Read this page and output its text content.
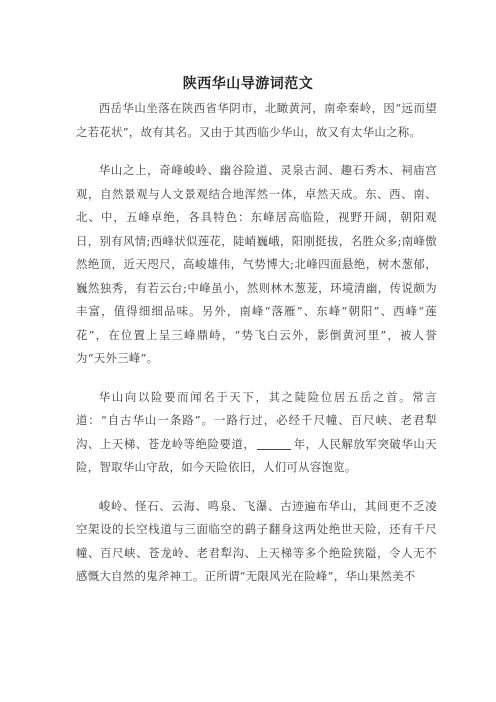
陕西华山导游词范文

西岳华山坐落在陕西省华阴市，北瞰黄河，南牵秦岭，因“远而望之若花状”，故有其名。又由于其西临少华山，故又有太华山之称。

华山之上，奇峰峻岭、幽谷险道、灵泉古洞、趣石秀木、祠庙宫观，自然景观与人文景观结合地浑然一体，卓然天成。东、西、南、北、中，五峰卓绝，各具特色：东峰居高临险，视野开阔，朝阳观日，别有风情;西峰状似莲花，陡峭巍峨，阳刚挺拔，名胜众多;南峰傲然绝顶，近天咫尺，高峻雄伟，气势博大;北峰四面悬绝，树木葱郁，巍然独秀，有若云台;中峰虽小，然则林木葱茏，环境清幽，传说颇为丰富，值得细细品味。另外，南峰“落雁”、东峰“朝阳”、西峰“莲花”，在位置上呈三峰鼎峙，“势飞白云外，影倒黄河里”，被人誉为“天外三峰”。

华山向以险要而闻名于天下，其之陡险位居五岳之首。常言道：“自古华山一条路”。一路行过，必经千尺幢、百尺峡、老君犁沟、上天梯、苍龙岭等绝险要道，	年，人民解放军突破华山天险，智取华山守敌，如今天险依旧，人们可从容饱览。

峻岭、怪石、云海、鸣泉、飞瀑、古迹遍布华山，其间更不乏凌空架设的长空栈道与三面临空的鹞子翻身这两处绝世天险，还有千尺幢、百尺峡、苍龙岭、老君犁沟、上天梯等多个绝险狭隘，令人无不感慨大自然的鬼斧神工。正所谓“无限风光在险峰”，华山果然美不
